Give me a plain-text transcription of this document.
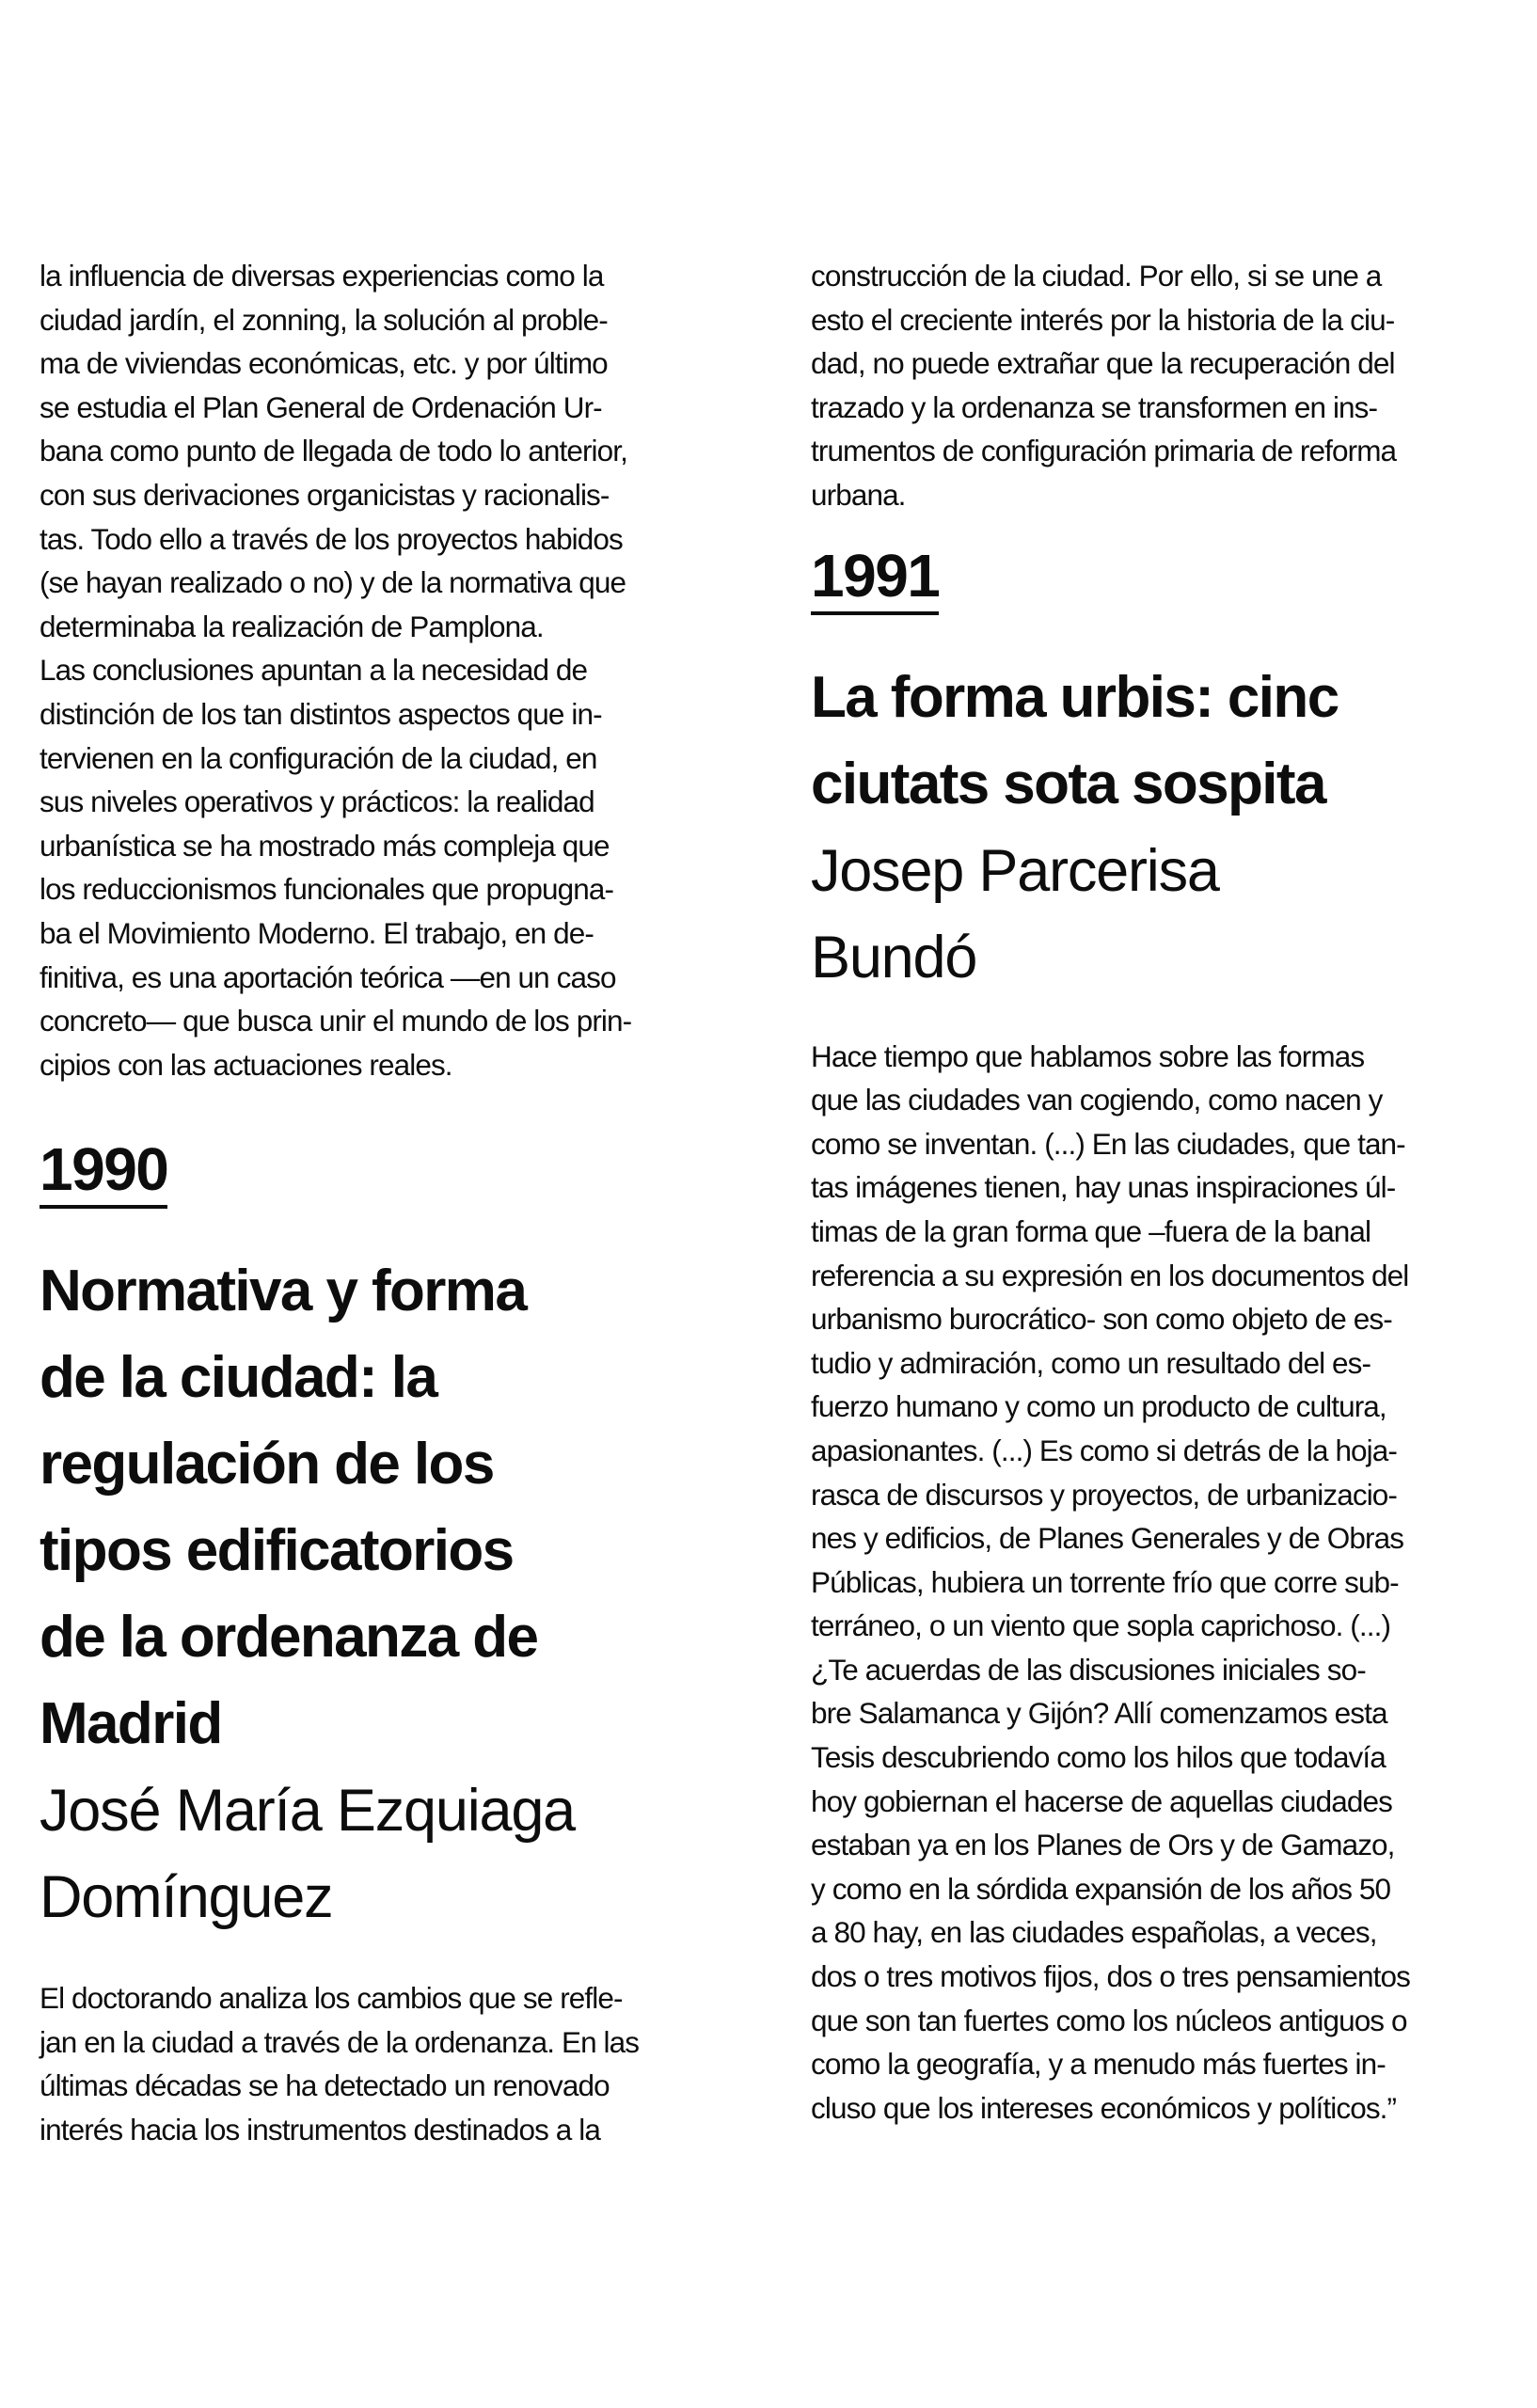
la influencia de diversas experiencias como la

ciudad jardín, el zonning, la solución al proble-

ma de viviendas económicas, etc. y por último

se estudia el Plan General de Ordenación Ur-

bana como punto de llegada de todo lo anterior,

con sus derivaciones organicistas y racionalis-

tas. Todo ello a través de los proyectos habidos

(se hayan realizado o no) y de la normativa que

determinaba la realización de Pamplona.

Las conclusiones apuntan a la necesidad de

distinción de los tan distintos aspectos que in-

tervienen en la configuración de la ciudad, en

sus niveles operativos y prácticos: la realidad

urbanística se ha mostrado más compleja que

los reduccionismos funcionales que propugna-

ba el Movimiento Moderno. El trabajo, en de-

finitiva, es una aportación teórica —en un caso

concreto— que busca unir el mundo de los prin-

cipios con las actuaciones reales.

1990

Normativa y forma

de la ciudad: la

regulación de los

tipos edificatorios

de la ordenanza de

Madrid

José María Ezquiaga

Domínguez

El doctorando analiza los cambios que se refle-

jan en la ciudad a través de la ordenanza. En las

últimas décadas se ha detectado un renovado

interés hacia los instrumentos destinados a la

construcción de la ciudad. Por ello, si se une a

esto el creciente interés por la historia de la ciu-

dad, no puede extrañar que la recuperación del

trazado y la ordenanza se transformen en ins-

trumentos de configuración primaria de reforma

urbana.

1991

La forma urbis: cinc

ciutats sota sospita

Josep Parcerisa

Bundó

Hace tiempo que hablamos sobre las formas

que las ciudades van cogiendo, como nacen y

como se inventan. (...) En las ciudades, que tan-

tas imágenes tienen, hay unas inspiraciones úl-

timas de la gran forma que –fuera de la banal

referencia a su expresión en los documentos del

urbanismo burocrático- son como objeto de es-

tudio y admiración, como un resultado del es-

fuerzo humano y como un producto de cultura,

apasionantes. (...) Es como si detrás de la hoja-

rasca de discursos y proyectos, de urbanizacio-

nes y edificios, de Planes Generales y de Obras

Públicas, hubiera un torrente frío que corre sub-

terráneo, o un viento que sopla caprichoso. (...)

¿Te acuerdas de las discusiones iniciales so-

bre Salamanca y Gijón? Allí comenzamos esta

Tesis descubriendo como los hilos que todavía

hoy gobiernan el hacerse de aquellas ciudades

estaban ya en los Planes de Ors y de Gamazo,

y como en la sórdida expansión de los años 50

a 80 hay, en las ciudades españolas, a veces,

dos o tres motivos fijos, dos o tres pensamientos

que son tan fuertes como los núcleos antiguos o

como la geografía, y a menudo más fuertes in-

cluso que los intereses económicos y políticos.”
